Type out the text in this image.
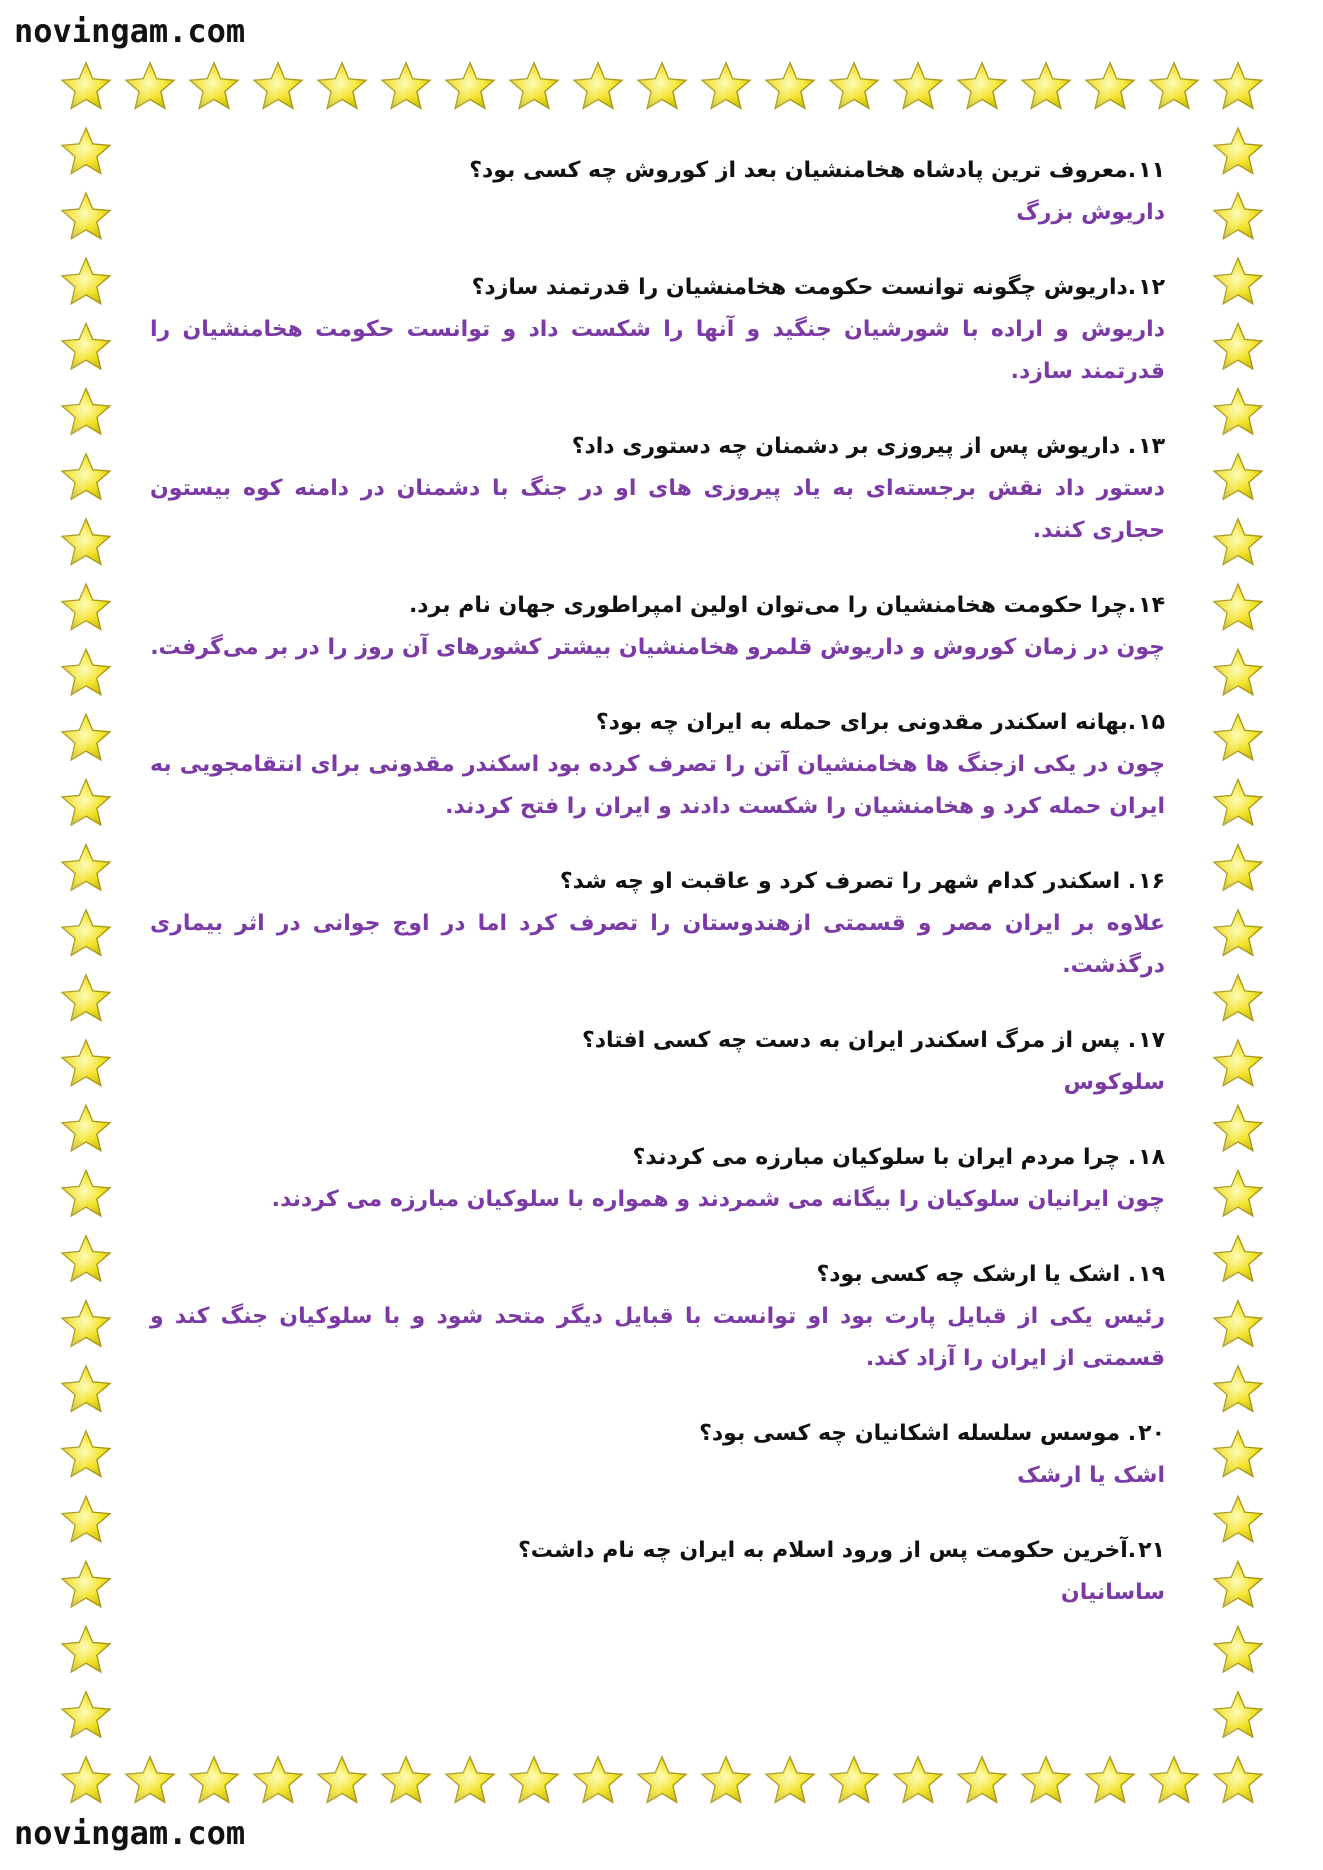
novingam.com
۱۱.معروف ترین پادشاه هخامنشیان بعد از کوروش چه کسی بود؟
داریوش بزرگ
۱۲.داریوش چگونه توانست حکومت هخامنشیان را قدرتمند سازد؟
داریوش و اراده با شورشیان جنگید و آنها را شکست داد و توانست حکومت هخامنشیان را قدرتمند سازد.
۱۳. داریوش پس از پیروزی بر دشمنان چه دستوری داد؟
دستور داد نقش برجسته‌ای به یاد پیروزی های او در جنگ با دشمنان در دامنه کوه بیستون حجاری کنند.
۱۴.چرا حکومت هخامنشیان را می‌توان اولین امپراطوری جهان نام برد.
چون در زمان کوروش و داریوش قلمرو هخامنشیان بیشتر کشورهای آن روز را در بر می‌گرفت.
۱۵.بهانه اسکندر مقدونی برای حمله به ایران چه بود؟
چون در یکی ازجنگ ها هخامنشیان آتن را تصرف کرده بود اسکندر مقدونی برای انتقامجویی به ایران حمله کرد و هخامنشیان را شکست دادند و ایران را فتح کردند.
۱۶. اسکندر کدام شهر را تصرف کرد و عاقبت او چه شد؟
علاوه بر ایران مصر و قسمتی ازهندوستان را تصرف کرد اما در اوج جوانی در اثر بیماری درگذشت.
۱۷. پس از مرگ اسکندر ایران به دست چه کسی افتاد؟
سلوکوس
۱۸. چرا مردم ایران با سلوکیان مبارزه می کردند؟
چون ایرانیان سلوکیان را بیگانه می شمردند و همواره با سلوکیان مبارزه می کردند.
۱۹. اشک یا ارشک چه کسی بود؟
رئیس یکی از قبایل پارت بود او توانست با قبایل دیگر متحد شود و با سلوکیان جنگ کند و قسمتی از ایران را آزاد کند.
۲۰. موسس سلسله اشکانیان چه کسی بود؟
اشک یا ارشک
۲۱.آخرین حکومت پس از ورود اسلام به ایران چه نام داشت؟
ساسانیان
novingam.com
